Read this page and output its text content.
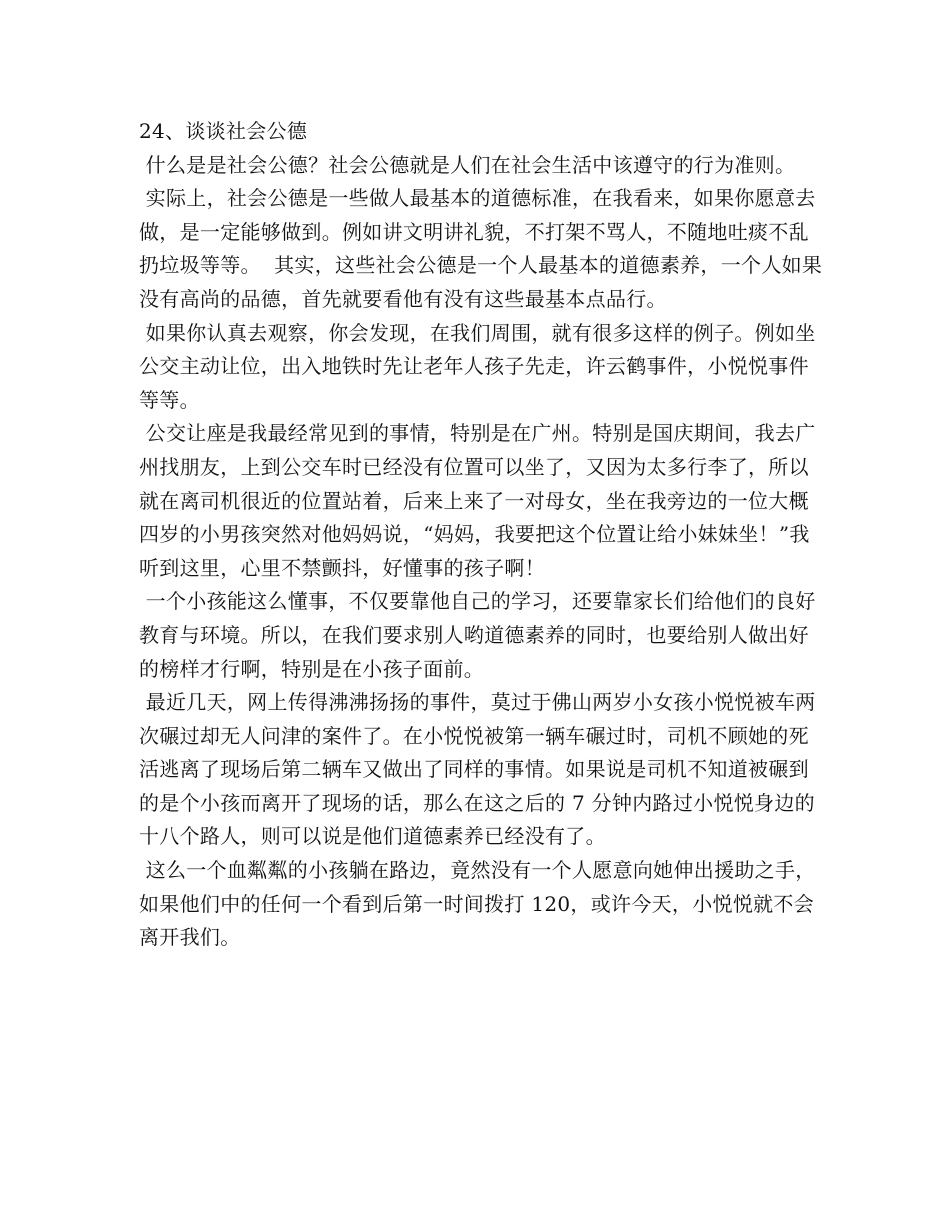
24、谈谈社会公德

什么是是社会公德？社会公德就是人们在社会生活中该遵守的行为准则。

实际上，社会公德是一些做人最基本的道德标准，在我看来，如果你愿意去做，是一定能够做到。例如讲文明讲礼貌，不打架不骂人，不随地吐痰不乱扔垃圾等等。  其实，这些社会公德是一个人最基本的道德素养，一个人如果没有高尚的品德，首先就要看他有没有这些最基本点品行。

如果你认真去观察，你会发现，在我们周围，就有很多这样的例子。例如坐公交主动让位，出入地铁时先让老年人孩子先走，许云鹤事件，小悦悦事件等等。

公交让座是我最经常见到的事情，特别是在广州。特别是国庆期间，我去广州找朋友，上到公交车时已经没有位置可以坐了，又因为太多行李了，所以就在离司机很近的位置站着，后来上来了一对母女，坐在我旁边的一位大概四岁的小男孩突然对他妈妈说，“妈妈，我要把这个位置让给小妹妹坐！”我听到这里，心里不禁颤抖，好懂事的孩子啊！

一个小孩能这么懂事，不仅要靠他自己的学习，还要靠家长们给他们的良好教育与环境。所以，在我们要求别人哟道德素养的同时，也要给别人做出好的榜样才行啊，特别是在小孩子面前。

最近几天，网上传得沸沸扬扬的事件，莫过于佛山两岁小女孩小悦悦被车两次碾过却无人问津的案件了。在小悦悦被第一辆车碾过时，司机不顾她的死活逃离了现场后第二辆车又做出了同样的事情。如果说是司机不知道被碾到的是个小孩而离开了现场的话，那么在这之后的 7 分钟内路过小悦悦身边的十八个路人，则可以说是他们道德素养已经没有了。

这么一个血粼粼的小孩躺在路边，竟然没有一个人愿意向她伸出援助之手，如果他们中的任何一个看到后第一时间拨打 120，或许今天，小悦悦就不会离开我们。
